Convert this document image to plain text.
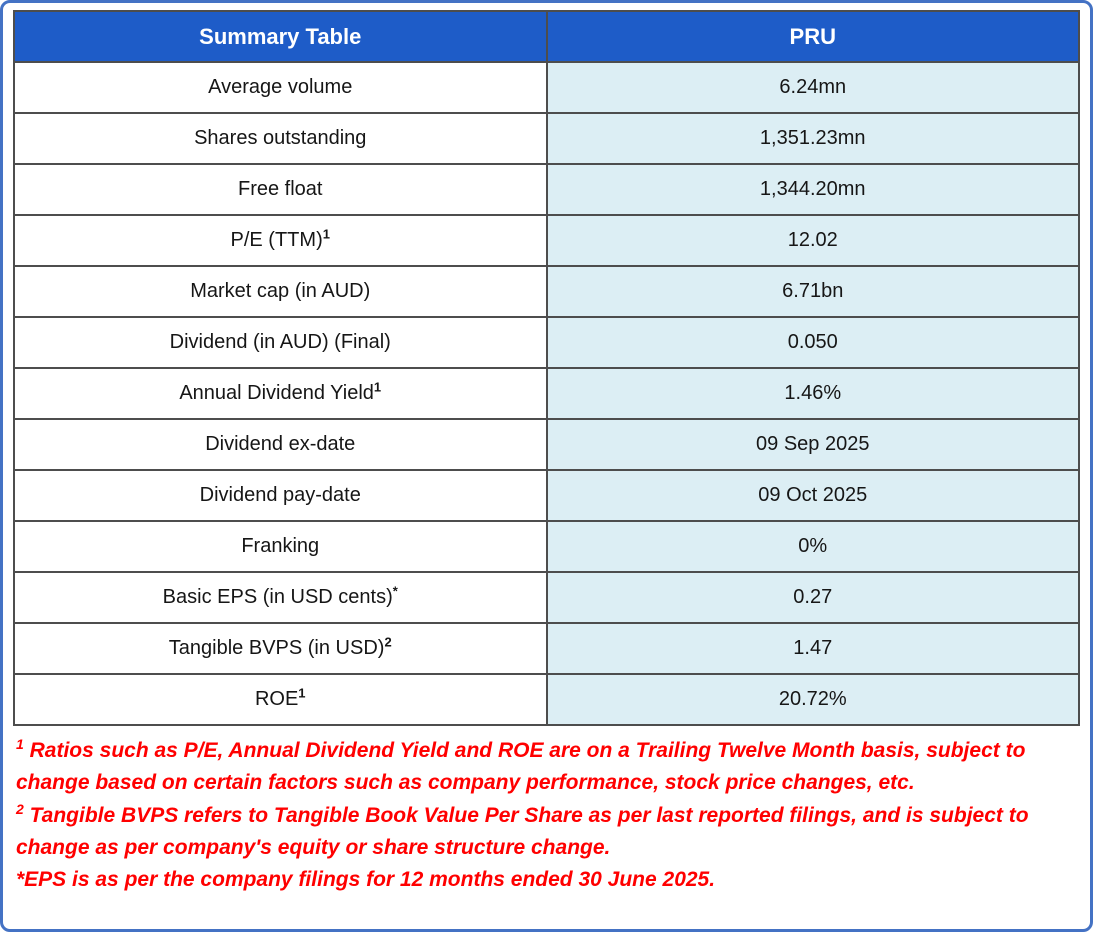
Summary Table	PRU
Average volume	6.24mn
Shares outstanding	1,351.23mn
Free float	1,344.20mn
P/E (TTM)$^1$	12.02
Market cap (in AUD)	6.71bn
Dividend (in AUD) (Final)	0.050
Annual Dividend Yield$^1$	1.46%
Dividend ex-date	09 Sep 2025
Dividend pay-date	09 Oct 2025
Franking	0%
Basic EPS (in USD cents)*	0.27
Tangible BVPS (in USD)$^2$	1.47
ROE$^1$	20.72%

$^1$ Ratios such as P/E, Annual Dividend Yield and ROE are on a Trailing Twelve Month basis, subject to change based on certain factors such as company performance, stock price changes, etc.

$^2$ Tangible BVPS refers to Tangible Book Value Per Share as per last reported filings, and is subject to change as per company's equity or share structure change.

*EPS is as per the company filings for 12 months ended 30 June 2025.
